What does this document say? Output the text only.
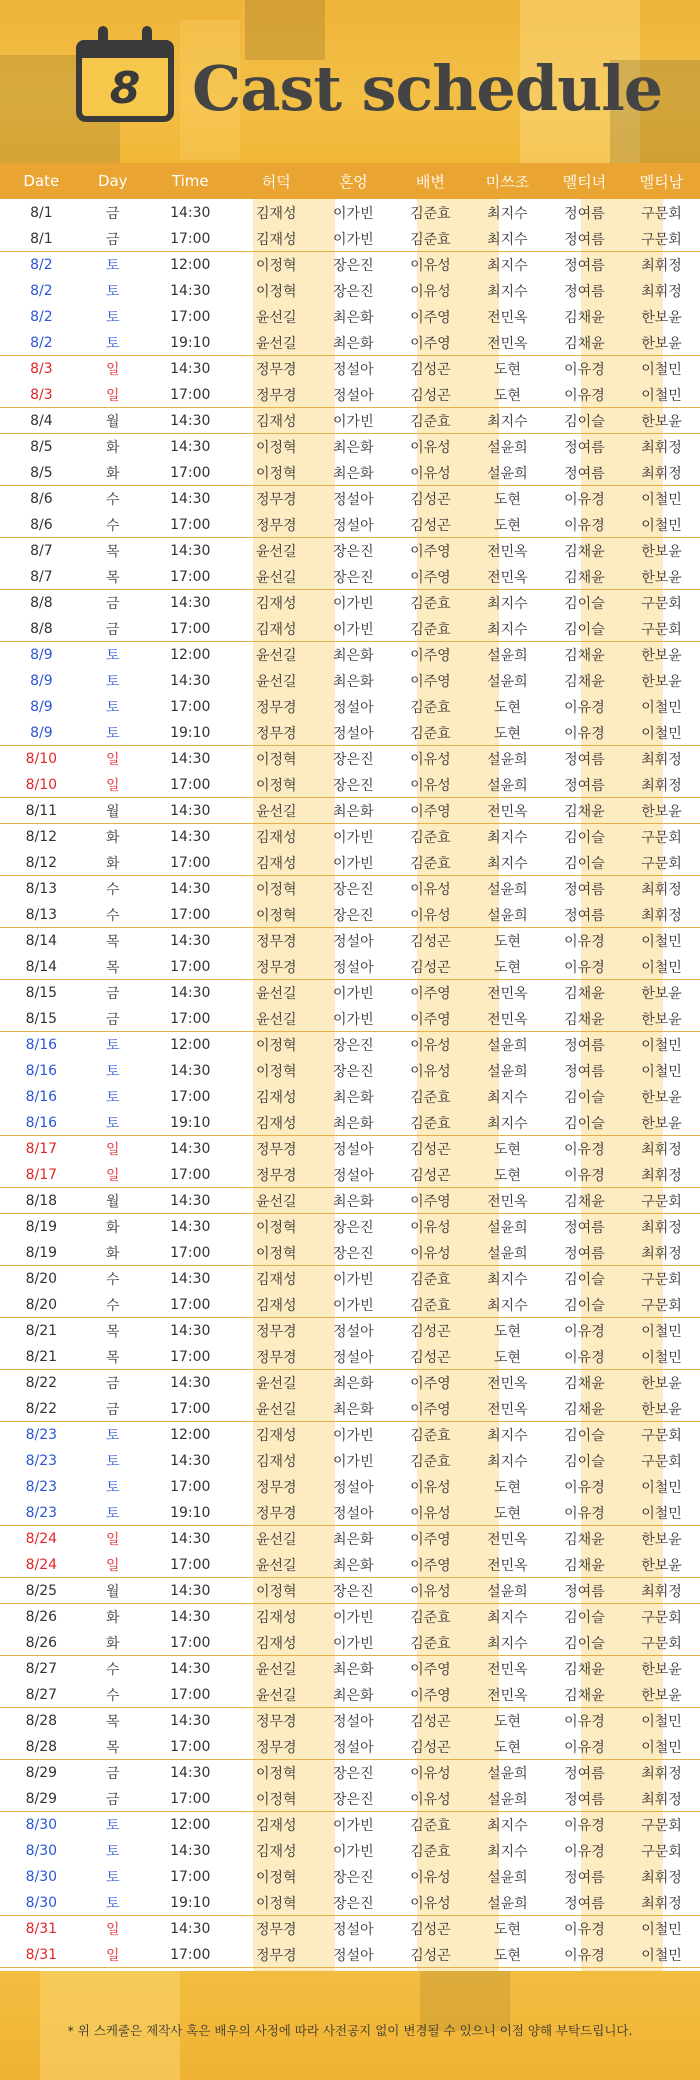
8 Cast schedule
Date	Day	Time	허덕	혼엉	배변	미쓰조	멜티녀	멜티남
8/1	금	14:30	김재성	이가빈	김준효	최지수	정여름	구문회
8/1	금	17:00	김재성	이가빈	김준효	최지수	정여름	구문회
8/2	토	12:00	이정혁	장은진	이유성	최지수	정여름	최휘정
8/2	토	14:30	이정혁	장은진	이유성	최지수	정여름	최휘정
8/2	토	17:00	윤선길	최은화	이주영	전민옥	김채윤	한보윤
8/2	토	19:10	윤선길	최은화	이주영	전민옥	김채윤	한보윤
8/3	일	14:30	정무경	정설아	김성곤	도현	이유경	이철민
8/3	일	17:00	정무경	정설아	김성곤	도현	이유경	이철민
8/4	월	14:30	김재성	이가빈	김준효	최지수	김이슬	한보윤
8/5	화	14:30	이정혁	최은화	이유성	설윤희	정여름	최휘정
8/5	화	17:00	이정혁	최은화	이유성	설윤희	정여름	최휘정
8/6	수	14:30	정무경	정설아	김성곤	도현	이유경	이철민
8/6	수	17:00	정무경	정설아	김성곤	도현	이유경	이철민
8/7	목	14:30	윤선길	장은진	이주영	전민옥	김채윤	한보윤
8/7	목	17:00	윤선길	장은진	이주영	전민옥	김채윤	한보윤
8/8	금	14:30	김재성	이가빈	김준효	최지수	김이슬	구문회
8/8	금	17:00	김재성	이가빈	김준효	최지수	김이슬	구문회
8/9	토	12:00	윤선길	최은화	이주영	설윤희	김채윤	한보윤
8/9	토	14:30	윤선길	최은화	이주영	설윤희	김채윤	한보윤
8/9	토	17:00	정무경	정설아	김준효	도현	이유경	이철민
8/9	토	19:10	정무경	정설아	김준효	도현	이유경	이철민
8/10	일	14:30	이정혁	장은진	이유성	설윤희	정여름	최휘정
8/10	일	17:00	이정혁	장은진	이유성	설윤희	정여름	최휘정
8/11	월	14:30	윤선길	최은화	이주영	전민옥	김채윤	한보윤
8/12	화	14:30	김재성	이가빈	김준효	최지수	김이슬	구문회
8/12	화	17:00	김재성	이가빈	김준효	최지수	김이슬	구문회
8/13	수	14:30	이정혁	장은진	이유성	설윤희	정여름	최휘정
8/13	수	17:00	이정혁	장은진	이유성	설윤희	정여름	최휘정
8/14	목	14:30	정무경	정설아	김성곤	도현	이유경	이철민
8/14	목	17:00	정무경	정설아	김성곤	도현	이유경	이철민
8/15	금	14:30	윤선길	이가빈	이주영	전민옥	김채윤	한보윤
8/15	금	17:00	윤선길	이가빈	이주영	전민옥	김채윤	한보윤
8/16	토	12:00	이정혁	장은진	이유성	설윤희	정여름	이철민
8/16	토	14:30	이정혁	장은진	이유성	설윤희	정여름	이철민
8/16	토	17:00	김재성	최은화	김준효	최지수	김이슬	한보윤
8/16	토	19:10	김재성	최은화	김준효	최지수	김이슬	한보윤
8/17	일	14:30	정무경	정설아	김성곤	도현	이유경	최휘정
8/17	일	17:00	정무경	정설아	김성곤	도현	이유경	최휘정
8/18	월	14:30	윤선길	최은화	이주영	전민옥	김채윤	구문회
8/19	화	14:30	이정혁	장은진	이유성	설윤희	정여름	최휘정
8/19	화	17:00	이정혁	장은진	이유성	설윤희	정여름	최휘정
8/20	수	14:30	김재성	이가빈	김준효	최지수	김이슬	구문회
8/20	수	17:00	김재성	이가빈	김준효	최지수	김이슬	구문회
8/21	목	14:30	정무경	정설아	김성곤	도현	이유경	이철민
8/21	목	17:00	정무경	정설아	김성곤	도현	이유경	이철민
8/22	금	14:30	윤선길	최은화	이주영	전민옥	김채윤	한보윤
8/22	금	17:00	윤선길	최은화	이주영	전민옥	김채윤	한보윤
8/23	토	12:00	김재성	이가빈	김준효	최지수	김이슬	구문회
8/23	토	14:30	김재성	이가빈	김준효	최지수	김이슬	구문회
8/23	토	17:00	정무경	정설아	이유성	도현	이유경	이철민
8/23	토	19:10	정무경	정설아	이유성	도현	이유경	이철민
8/24	일	14:30	윤선길	최은화	이주영	전민옥	김채윤	한보윤
8/24	일	17:00	윤선길	최은화	이주영	전민옥	김채윤	한보윤
8/25	월	14:30	이정혁	장은진	이유성	설윤희	정여름	최휘정
8/26	화	14:30	김재성	이가빈	김준효	최지수	김이슬	구문회
8/26	화	17:00	김재성	이가빈	김준효	최지수	김이슬	구문회
8/27	수	14:30	윤선길	최은화	이주영	전민옥	김채윤	한보윤
8/27	수	17:00	윤선길	최은화	이주영	전민옥	김채윤	한보윤
8/28	목	14:30	정무경	정설아	김성곤	도현	이유경	이철민
8/28	목	17:00	정무경	정설아	김성곤	도현	이유경	이철민
8/29	금	14:30	이정혁	장은진	이유성	설윤희	정여름	최휘정
8/29	금	17:00	이정혁	장은진	이유성	설윤희	정여름	최휘정
8/30	토	12:00	김재성	이가빈	김준효	최지수	이유경	구문회
8/30	토	14:30	김재성	이가빈	김준효	최지수	이유경	구문회
8/30	토	17:00	이정혁	장은진	이유성	설윤희	정여름	최휘정
8/30	토	19:10	이정혁	장은진	이유성	설윤희	정여름	최휘정
8/31	일	14:30	정무경	정설아	김성곤	도현	이유경	이철민
8/31	일	17:00	정무경	정설아	김성곤	도현	이유경	이철민
* 위 스케줄은 제작사 혹은 배우의 사정에 따라 사전공지 없이 변경될 수 있으니 이점 양해 부탁드립니다.
